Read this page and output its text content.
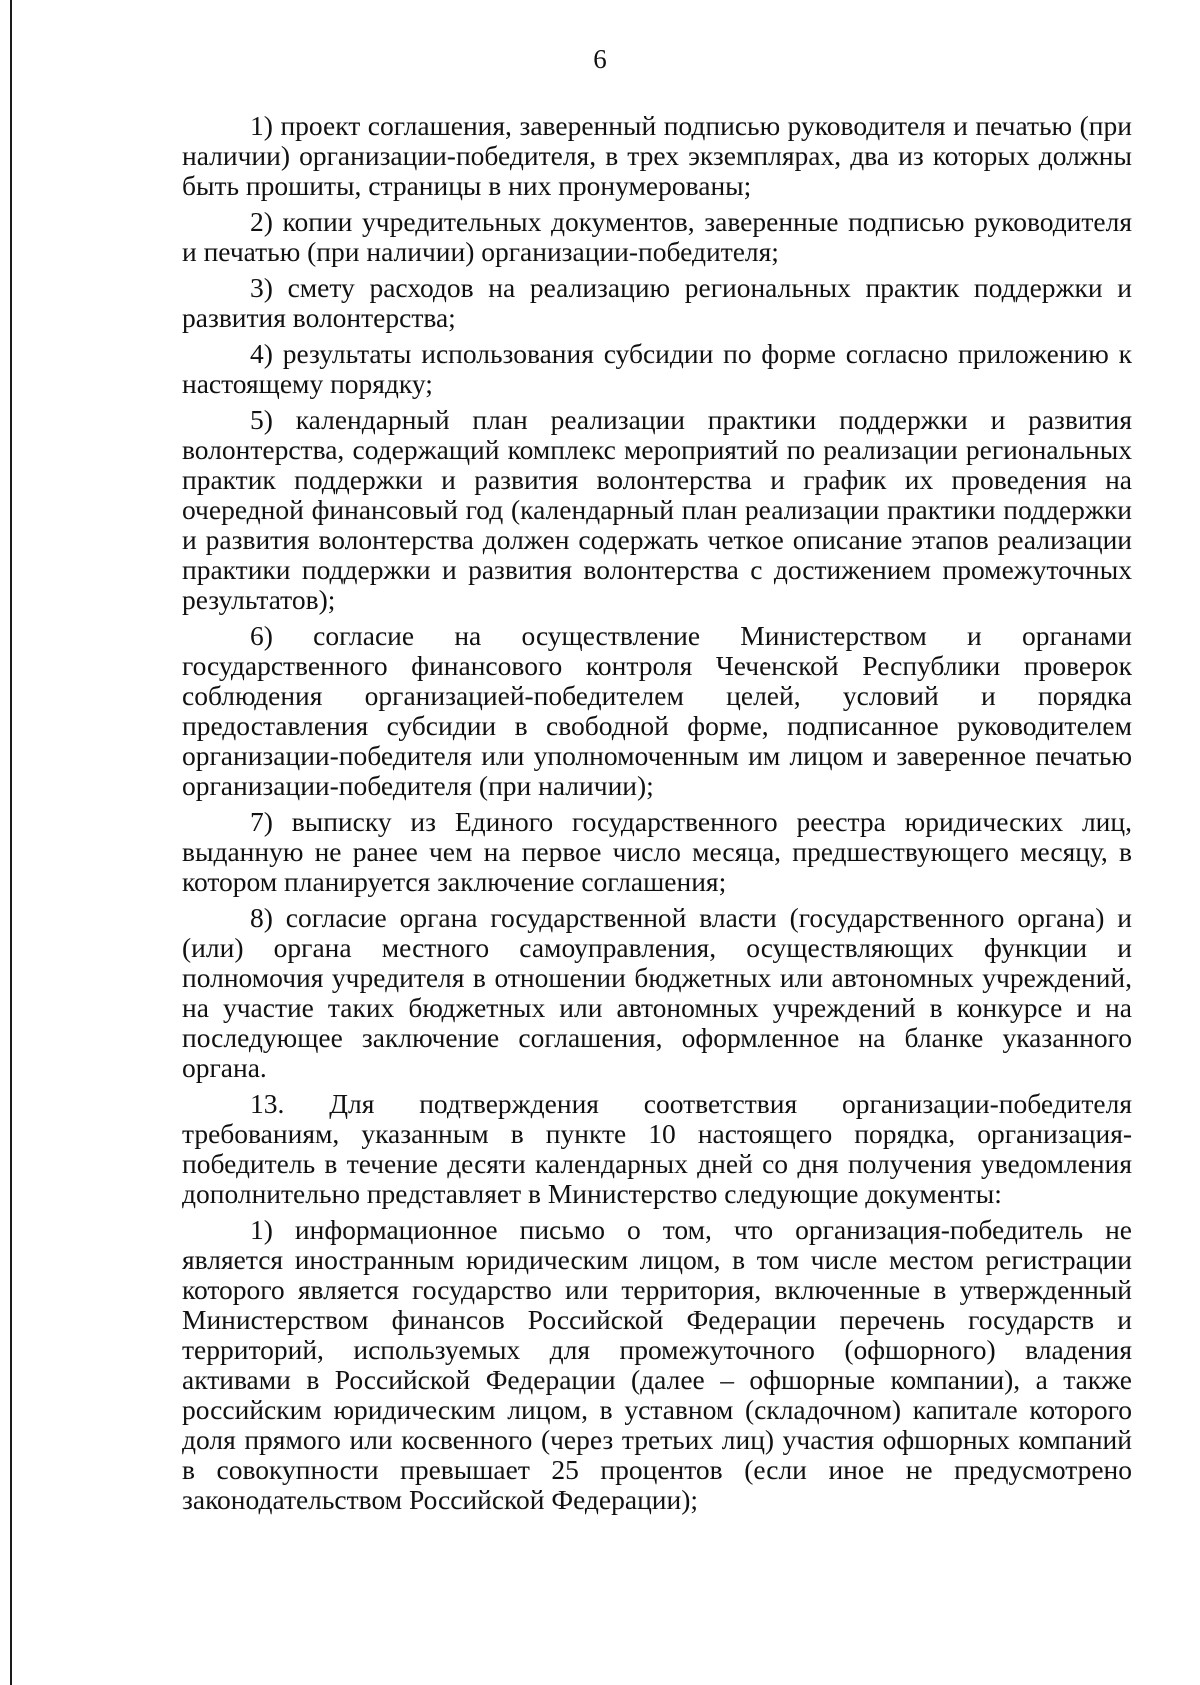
6

1) проект соглашения, заверенный подписью руководителя и печатью (при наличии) организации-победителя, в трех экземплярах, два из которых должны быть прошиты, страницы в них пронумерованы;

2) копии учредительных документов, заверенные подписью руководителя и печатью (при наличии) организации-победителя;

3) смету расходов на реализацию региональных практик поддержки и развития волонтерства;

4) результаты использования субсидии по форме согласно приложению к настоящему порядку;

5) календарный план реализации практики поддержки и развития волонтерства, содержащий комплекс мероприятий по реализации региональных практик поддержки и развития волонтерства и график их проведения на очередной финансовый год (календарный план реализации практики поддержки и развития волонтерства должен содержать четкое описание этапов реализации практики поддержки и развития волонтерства с достижением промежуточных результатов);

6) согласие на осуществление Министерством и органами государственного финансового контроля Чеченской Республики проверок соблюдения организацией-победителем целей, условий и порядка предоставления субсидии в свободной форме, подписанное руководителем организации-победителя или уполномоченным им лицом и заверенное печатью организации-победителя (при наличии);

7) выписку из Единого государственного реестра юридических лиц, выданную не ранее чем на первое число месяца, предшествующего месяцу, в котором планируется заключение соглашения;

8) согласие органа государственной власти (государственного органа) и (или) органа местного самоуправления, осуществляющих функции и полномочия учредителя в отношении бюджетных или автономных учреждений, на участие таких бюджетных или автономных учреждений в конкурсе и на последующее заключение соглашения, оформленное на бланке указанного органа.

13. Для подтверждения соответствия организации-победителя требованиям, указанным в пункте 10 настоящего порядка, организация-победитель в течение десяти календарных дней со дня получения уведомления дополнительно представляет в Министерство следующие документы:

1) информационное письмо о том, что организация-победитель не является иностранным юридическим лицом, в том числе местом регистрации которого является государство или территория, включенные в утвержденный Министерством финансов Российской Федерации перечень государств и территорий, используемых для промежуточного (офшорного) владения активами в Российской Федерации (далее – офшорные компании), а также российским юридическим лицом, в уставном (складочном) капитале которого доля прямого или косвенного (через третьих лиц) участия офшорных компаний в совокупности превышает 25 процентов (если иное не предусмотрено законодательством Российской Федерации);
